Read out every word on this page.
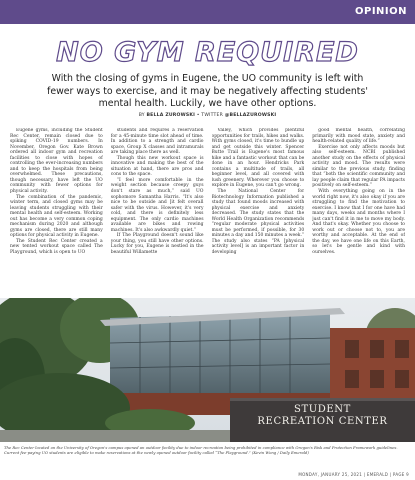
OPINION
NO GYM REQUIRED
With the closing of gyms in Eugene, the UO community is left with fewer ways to exercise, and it may be negatively affecting students' mental health. Luckily, we have other options.
BY BELLA ZUROWSKI • TWITTER @BELLAZUROWSKI

Eugene gyms, including the Student Rec Center, remain closed due to spiking COVID-19 numbers. In November, Oregon Gov. Kate Brown ordered all indoor gym and recreation facilities to close with hopes of controlling the ever-increasing numbers and to keep the hospitals from being overwhelmed. These precautions, though necessary, have left the UO community with fewer options for physical activity.

The combination of the pandemic, winter term, and closed gyms may be leaving students struggling with their mental health and self-esteem. Working out has become a very common coping mechanism during 2020 and although gyms are closed, there are still many options for physical activity in Eugene.

The Student Rec Center created a new tented workout space called The Playground, which is open to UO

students and requires a reservation for a 45-minute time slot ahead of time. In addition to a strength and cardio space, Group X classes and intramurals are taking place there as well.

Though this new workout space is innovative and making the best of the situation at hand, there are pros and cons to the space.

“I feel more comfortable in the weight section because creepy guys don't stare as much,” said UO sophomore Samantha Harris. “It's also nice to be outside and [it felt overall safer with the virus. However, it's very cold, and there is definitely less equipment. The only cardio machines available are bikes and rowing machines. It's also awkwardly quiet.”

If The Playground doesn't sound like your thing, you still have other options. Lucky for you, Eugene is nestled in the beautiful Willamette

Valley, which provides plentiful opportunities for trails, hikes and walks. With gyms closed, it's time to bundle up and get outside this winter. Spencer Butte Trail is Eugene's most famous hike and a fantastic workout that can be done in an hour. Hendricks Park contains a multitude of trails, all beginner level, and all covered with lush greenery. Wherever you choose to explore in Eugene, you can't go wrong.

The National Center for Biotechnology Information published a study that found moods increased with physical exercise and anxiety decreased. The study states that the World Health Organization recommends “regular moderate physical activities must be performed, if possible, for 30 minutes a day and 150 minutes a week.” The study also states “PA [physical activity level] is an important factor in developing

good mental health, correlating primarily with mood state, anxiety and health-related quality of life.”

Exercise not only affects moods but also self-esteem. NCBI published another study on the effects of physical activity and mood. The results were similar to the previous study, finding that “both the scientific community and lay people claim that regular PA impacts positively on self-esteem.”

With everything going on in the world right now, it's also okay if you are struggling to find the motivation to exercise. I know that I for one have had many days, weeks and months where I just can't find it in me to move my body. And that's okay. Whether you choose to work out or choose not to, you are worthy and acceptable. At the end of the day, we have one life on this Earth, so let's be gentle and kind with ourselves.

STUDENT
RECREATION CENTER
The Rec Center located on the University of Oregon's campus opened an outdoor facility due to indoor recreation being prohibited in compliance with Oregon's Risk and Protection Framework guidelines. Current fee-paying UO students are eligible to make reservations at the newly opened outdoor facility called “The Playground.” (Kevin Wong / Daily Emerald)
MONDAY, JANUARY 25, 2021 | EMERALD | PAGE 9
